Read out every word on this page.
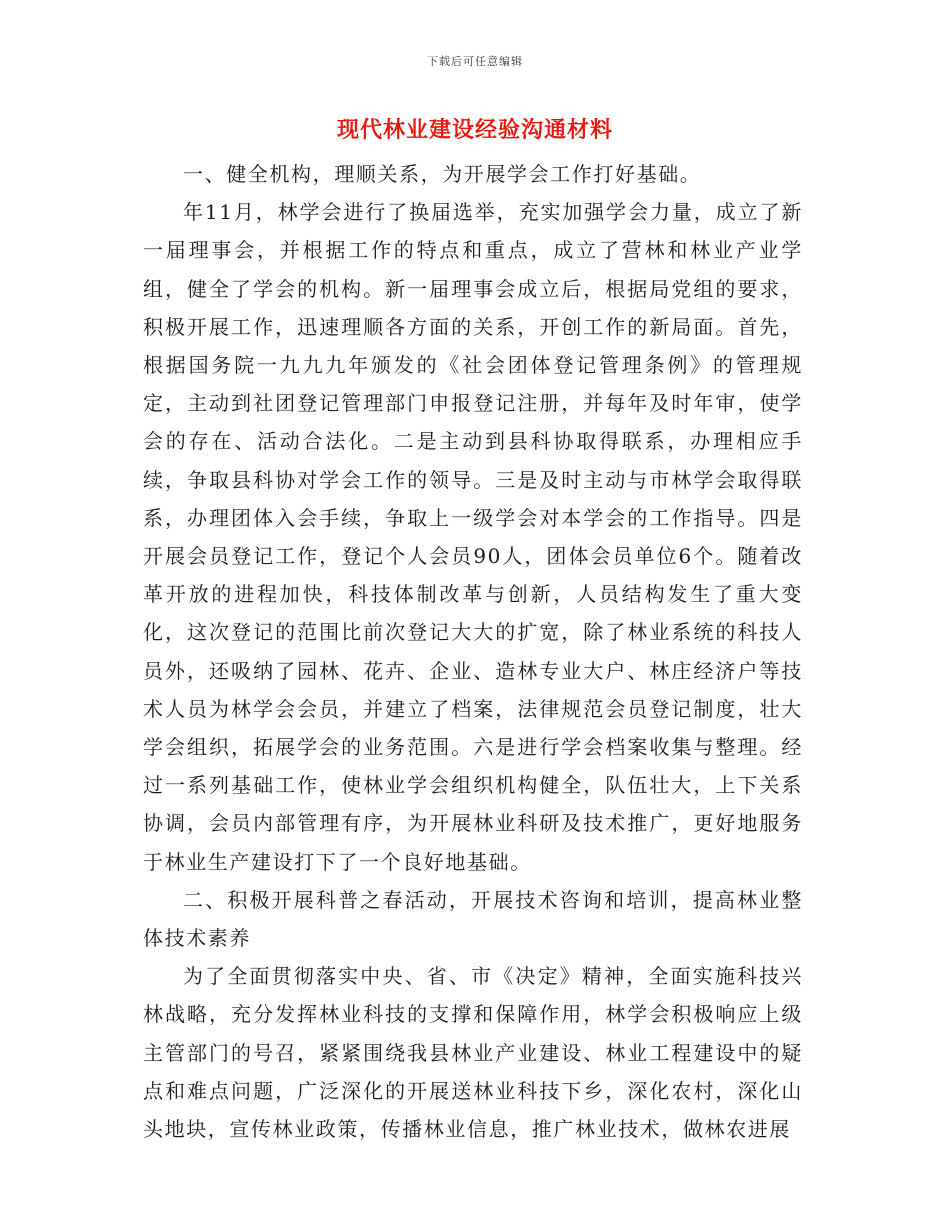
下载后可任意编辑
现代林业建设经验沟通材料

一、健全机构，理顺关系，为开展学会工作打好基础。

年11月，林学会进行了换届选举，充实加强学会力量，成立了新一届理事会，并根据工作的特点和重点，成立了营林和林业产业学组，健全了学会的机构。新一届理事会成立后，根据局党组的要求，积极开展工作，迅速理顺各方面的关系，开创工作的新局面。首先，根据国务院一九九九年颁发的《社会团体登记管理条例》的管理规定，主动到社团登记管理部门申报登记注册，并每年及时年审，使学会的存在、活动合法化。二是主动到县科协取得联系，办理相应手续，争取县科协对学会工作的领导。三是及时主动与市林学会取得联系，办理团体入会手续，争取上一级学会对本学会的工作指导。四是开展会员登记工作，登记个人会员90人，团体会员单位6个。随着改革开放的进程加快，科技体制改革与创新，人员结构发生了重大变化，这次登记的范围比前次登记大大的扩宽，除了林业系统的科技人员外，还吸纳了园林、花卉、企业、造林专业大户、林庄经济户等技术人员为林学会会员，并建立了档案，法律规范会员登记制度，壮大学会组织，拓展学会的业务范围。六是进行学会档案收集与整理。经过一系列基础工作，使林业学会组织机构健全，队伍壮大，上下关系协调，会员内部管理有序，为开展林业科研及技术推广，更好地服务于林业生产建设打下了一个良好地基础。

二、积极开展科普之春活动，开展技术咨询和培训，提高林业整体技术素养

为了全面贯彻落实中央、省、市《决定》精神，全面实施科技兴林战略，充分发挥林业科技的支撑和保障作用，林学会积极响应上级主管部门的号召，紧紧围绕我县林业产业建设、林业工程建设中的疑点和难点问题，广泛深化的开展送林业科技下乡，深化农村，深化山头地块，宣传林业政策，传播林业信息，推广林业技术，做林农进展
